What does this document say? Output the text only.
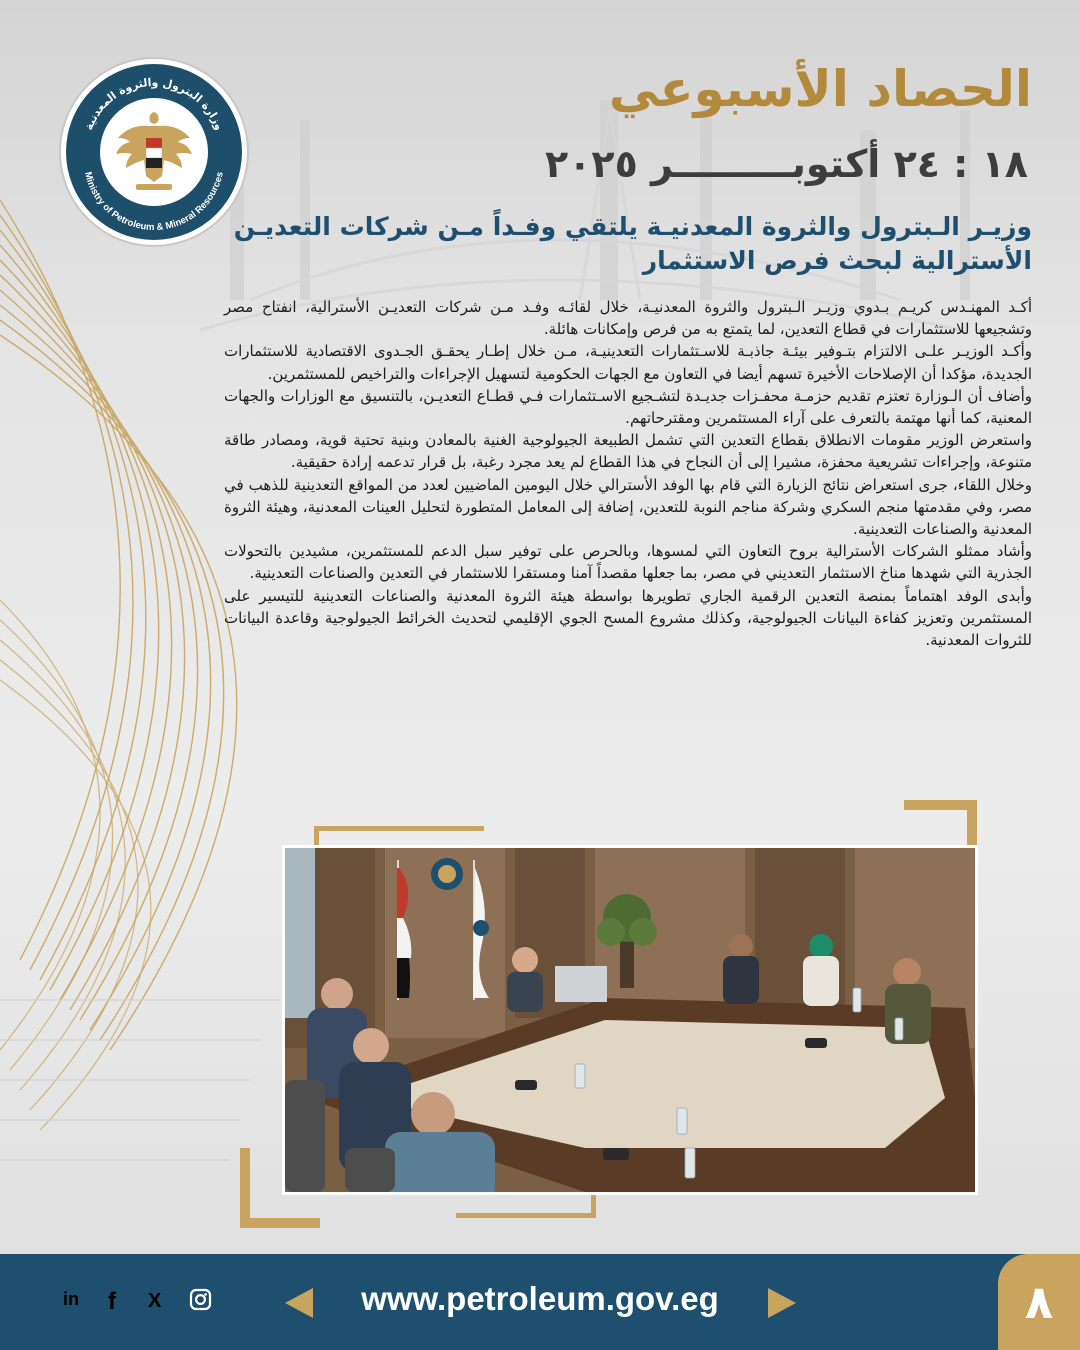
وزارة البترول والثروة المعدنية
Ministry of Petroleum & Mineral Resources
الحصاد الأسبوعي
١٨ : ٢٤ أكتوبـــــــــر ٢٠٢٥
وزيـر الـبترول والثروة المعدنيـة يلتقي وفـداً مـن شركات التعديـن الأسترالية لبحث فرص الاستثمار

أكـد المهنـدس كريـم بـدوي وزيـر الـبترول والثروة المعدنيـة، خلال لقائـه وفـد مـن شركات التعديـن الأسترالية، انفتاح مصر وتشجيعها للاستثمارات في قطاع التعدين، لما يتمتع به من فرص وإمكانات هائلة.

وأكـد الوزيـر علـى الالتزام بتـوفير بيئـة جاذبـة للاسـتثمارات التعدينيـة، مـن خلال إطـار يحقـق الجـدوى الاقتصادية للاستثمارات الجديدة، مؤكدا أن الإصلاحات الأخيرة تسهم أيضا في التعاون مع الجهات الحكومية لتسهيل الإجراءات والتراخيص للمستثمرين.

وأضاف أن الـوزارة تعتزم تقديم حزمـة محفـزات جديـدة لتشـجيع الاسـتثمارات فـي قطـاع التعديـن، بالتنسيق مع الوزارات والجهات المعنية، كما أنها مهتمة بالتعرف على آراء المستثمرين ومقترحاتهم.

واستعرض الوزير مقومات الانطلاق بقطاع التعدين التي تشمل الطبيعة الجيولوجية الغنية بالمعادن وبنية تحتية قوية، ومصادر طاقة متنوعة، وإجراءات تشريعية محفزة، مشيرا إلى أن النجاح في هذا القطاع لم يعد مجرد رغبة، بل قرار تدعمه إرادة حقيقية.

وخلال اللقاء، جرى استعراض نتائج الزيارة التي قام بها الوفد الأسترالي خلال اليومين الماضيين لعدد من المواقع التعدينية للذهب في مصر، وفي مقدمتها منجم السكري وشركة مناجم النوبة للتعدين، إضافة إلى المعامل المتطورة لتحليل العينات المعدنية، وهيئة الثروة المعدنية والصناعات التعدينية.

وأشاد ممثلو الشركات الأسترالية بروح التعاون التي لمسوها، وبالحرص على توفير سبل الدعم للمستثمرين، مشيدين بالتحولات الجذرية التي شهدها مناخ الاستثمار التعديني في مصر، بما جعلها مقصداً آمنا ومستقرا للاستثمار في التعدين والصناعات التعدينية.

وأبدى الوفد اهتماماً بمنصة التعدين الرقمية الجاري تطويرها بواسطة هيئة الثروة المعدنية والصناعات التعدينية للتيسير على المستثمرين وتعزيز كفاءة البيانات الجيولوجية، وكذلك مشروع المسح الجوي الإقليمي لتحديث الخرائط الجيولوجية وقاعدة البيانات للثروات المعدنية.

in f X	www.petroleum.gov.eg	٨
